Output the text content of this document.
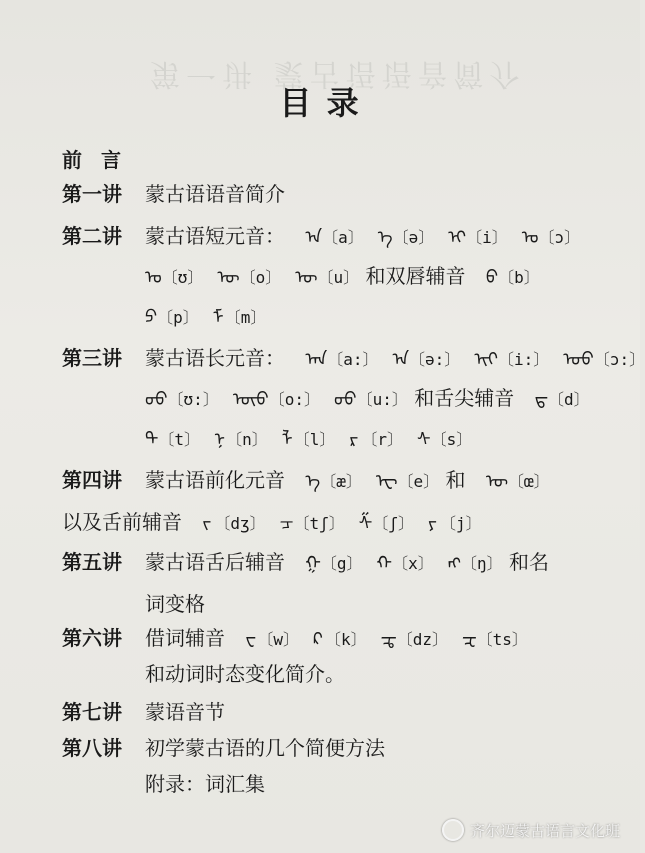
第一讲 蒙古语语音简介
目 录
前 言
第一讲	蒙古语语音简介
第二讲	蒙古语短元音： ᠠ〔a〕 ᠡ〔ə〕 ᠢ〔i〕 ᠣ〔ɔ〕
ᠤ〔ʊ〕 ᠥ〔o〕 ᠦ〔u〕 和双唇辅音 ᠪ〔b〕
ᠫ〔p〕 ᠮ〔m〕
第三讲	蒙古语长元音： ᠠᠠ〔a:〕 ᠡᠡ〔ə:〕 ᠢᠢ〔i:〕 ᠣᠣ〔ɔ:〕
ᠤᠤ〔ʊ:〕 ᠥᠥ〔o:〕 ᠦᠦ〔u:〕 和舌尖辅音 ᠳ〔d〕
ᠲ〔t〕 ᠨ〔n〕 ᠯ〔l〕 ᠷ 〔r〕 ᠰ〔s〕
第四讲	蒙古语前化元音 ᠡ〔æ〕 ᠧ〔e〕 和 ᠥ〔œ〕
以及舌前辅音 ᠵ 〔dʒ〕 ᠴ〔tʃ〕 ᠱ〔ʃ〕 ᠶ 〔j〕
第五讲	蒙古语舌后辅音 ᠭ〔g〕 ᠬ〔x〕 ᠩ〔ŋ〕 和名
词变格
第六讲	借词辅音 ᠸ〔w〕 ᠺ 〔k〕 ᠼ〔dz〕 ᠽ〔ts〕
和动词时态变化简介。
第七讲	蒙语音节
第八讲	初学蒙古语的几个简便方法
附录：词汇集
齐尔迈蒙古语言文化班
